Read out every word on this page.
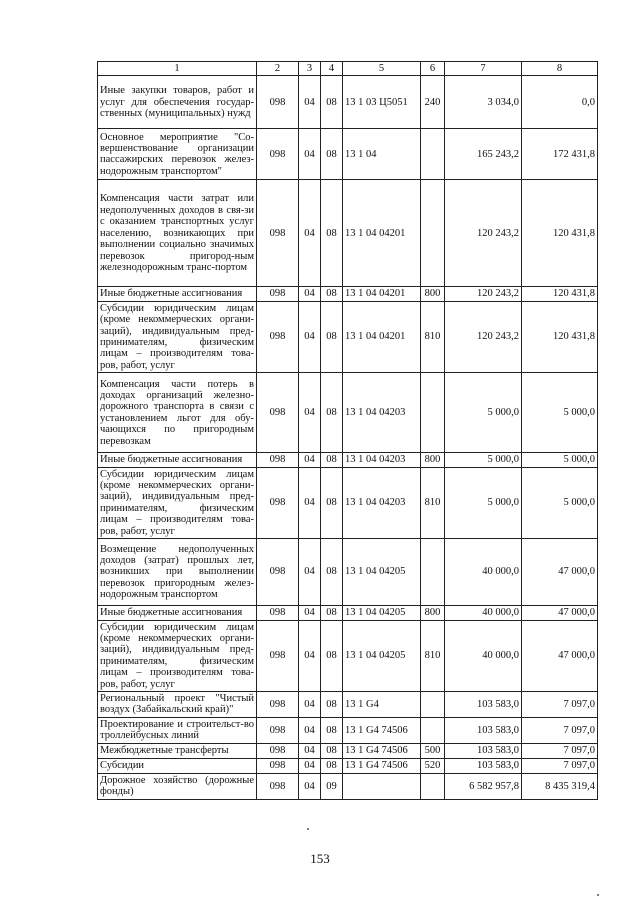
1	2	3	4	5	6	7	8
Иные закупки товаров, работ и услуг для обеспечения государ-ственных (муниципальных) нужд	098	04	08	13 1 03 Ц5051	240	3 034,0	0,0
Основное мероприятие "Со-вершенствование организации пассажирских перевозок желез-нодорожным транспортом"	098	04	08	13 1 04		165 243,2	172 431,8
Компенсация части затрат или недополученных доходов в свя-зи с оказанием транспортных услуг населению, возникающих при выполнении социально значимых перевозок пригород-ным железнодорожным транс-портом	098	04	08	13 1 04 04201		120 243,2	120 431,8
Иные бюджетные ассигнования	098	04	08	13 1 04 04201	800	120 243,2	120 431,8
Субсидии юридическим лицам (кроме некоммерческих органи-заций), индивидуальным пред-принимателям, физическим лицам – производителям това-ров, работ, услуг	098	04	08	13 1 04 04201	810	120 243,2	120 431,8
Компенсация части потерь в доходах организаций железно-дорожного транспорта в связи с установлением льгот для обу-чающихся по пригородным перевозкам	098	04	08	13 1 04 04203		5 000,0	5 000,0
Иные бюджетные ассигнования	098	04	08	13 1 04 04203	800	5 000,0	5 000,0
Субсидии юридическим лицам (кроме некоммерческих органи-заций), индивидуальным пред-принимателям, физическим лицам – производителям това-ров, работ, услуг	098	04	08	13 1 04 04203	810	5 000,0	5 000,0
Возмещение недополученных доходов (затрат) прошлых лет, возникших при выполнении перевозок пригородным желез-нодорожным транспортом	098	04	08	13 1 04 04205		40 000,0	47 000,0
Иные бюджетные ассигнования	098	04	08	13 1 04 04205	800	40 000,0	47 000,0
Субсидии юридическим лицам (кроме некоммерческих органи-заций), индивидуальным пред-принимателям, физическим лицам – производителям това-ров, работ, услуг	098	04	08	13 1 04 04205	810	40 000,0	47 000,0
Региональный проект "Чистый воздух (Забайкальский край)"	098	04	08	13 1 G4		103 583,0	7 097,0
Проектирование и строительст-во троллейбусных линий	098	04	08	13 1 G4 74506		103 583,0	7 097,0
Межбюджетные трансферты	098	04	08	13 1 G4 74506	500	103 583,0	7 097,0
Субсидии	098	04	08	13 1 G4 74506	520	103 583,0	7 097,0
Дорожное хозяйство (дорожные фонды)	098	04	09			6 582 957,8	8 435 319,4
153
